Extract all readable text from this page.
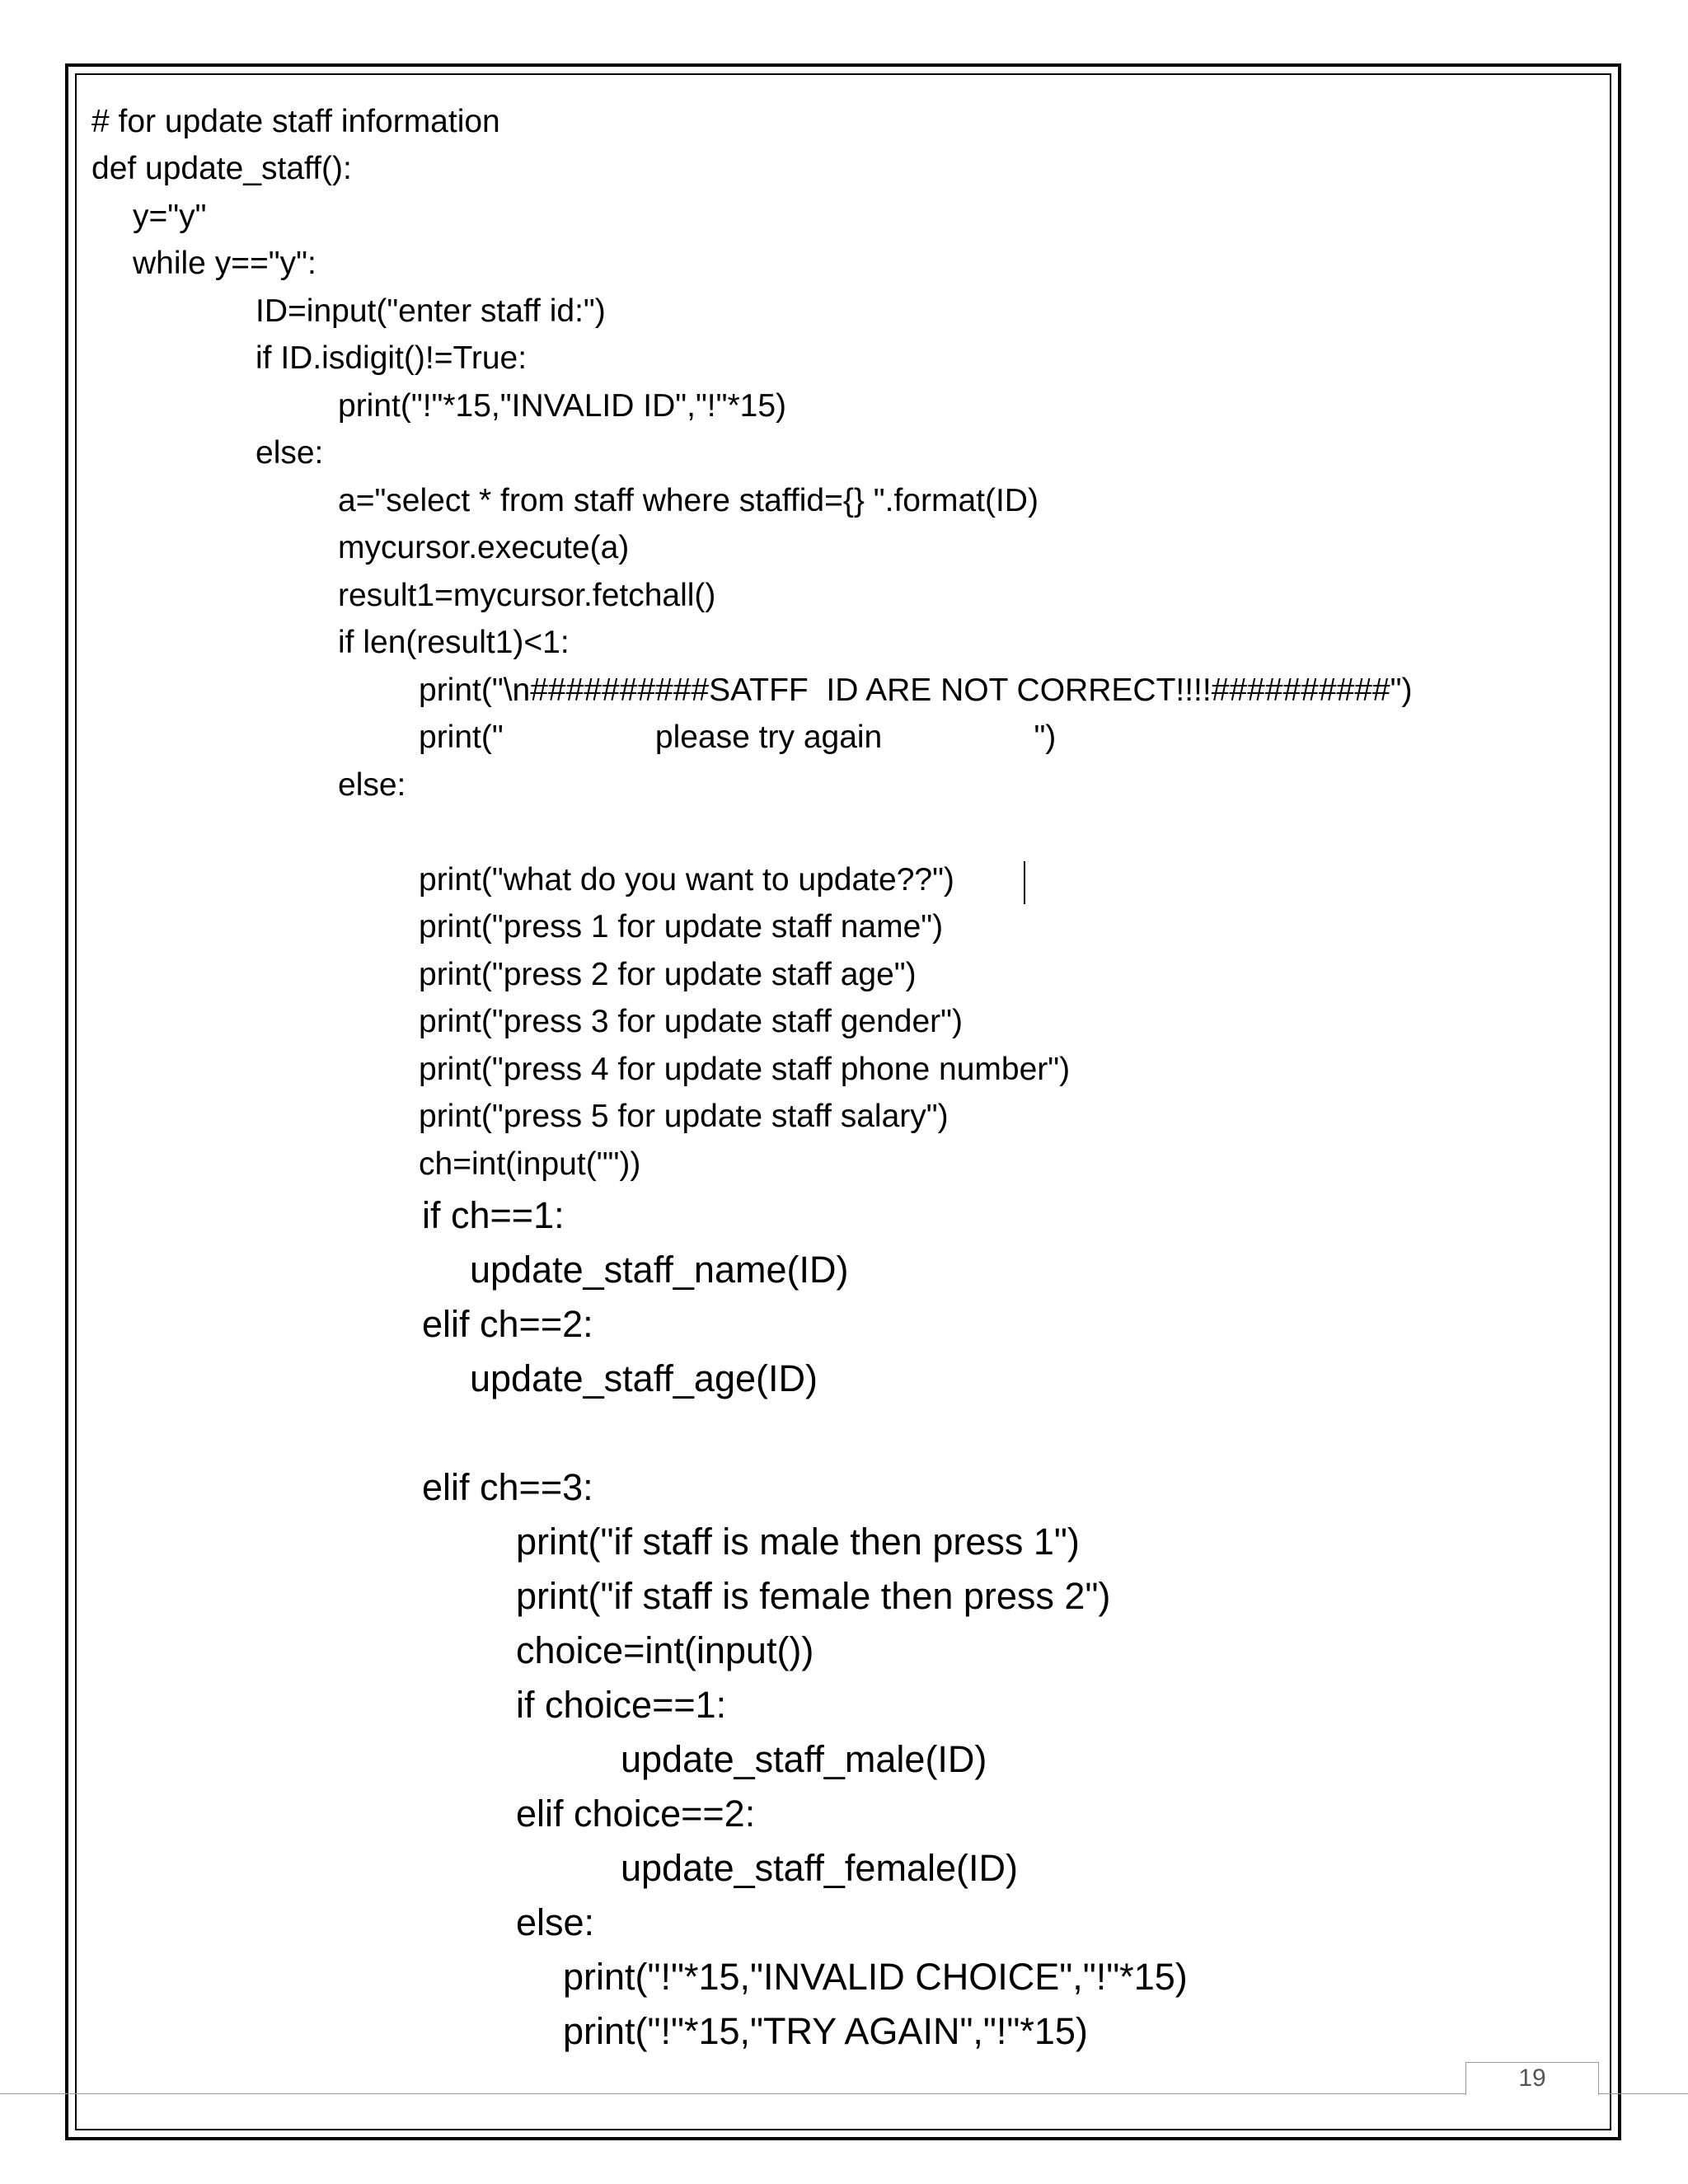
# for update staff information
def update_staff():
y="y"
while y=="y":
ID=input("enter staff id:")
if ID.isdigit()!=True:
print("!"*15,"INVALID ID","!"*15)
else:
a="select * from staff where staffid={} ".format(ID)
mycursor.execute(a)
result1=mycursor.fetchall()
if len(result1)<1:
print("\n##########SATFF  ID ARE NOT CORRECT!!!!##########")
print("                 please try again                 ")
else:
print("what do you want to update??")
print("press 1 for update staff name")
print("press 2 for update staff age")
print("press 3 for update staff gender")
print("press 4 for update staff phone number")
print("press 5 for update staff salary")
ch=int(input(""))
if ch==1:
update_staff_name(ID)
elif ch==2:
update_staff_age(ID)
elif ch==3:
print("if staff is male then press 1")
print("if staff is female then press 2")
choice=int(input())
if choice==1:
update_staff_male(ID)
elif choice==2:
update_staff_female(ID)
else:
print("!"*15,"INVALID CHOICE","!"*15)
print("!"*15,"TRY AGAIN","!"*15)
19
